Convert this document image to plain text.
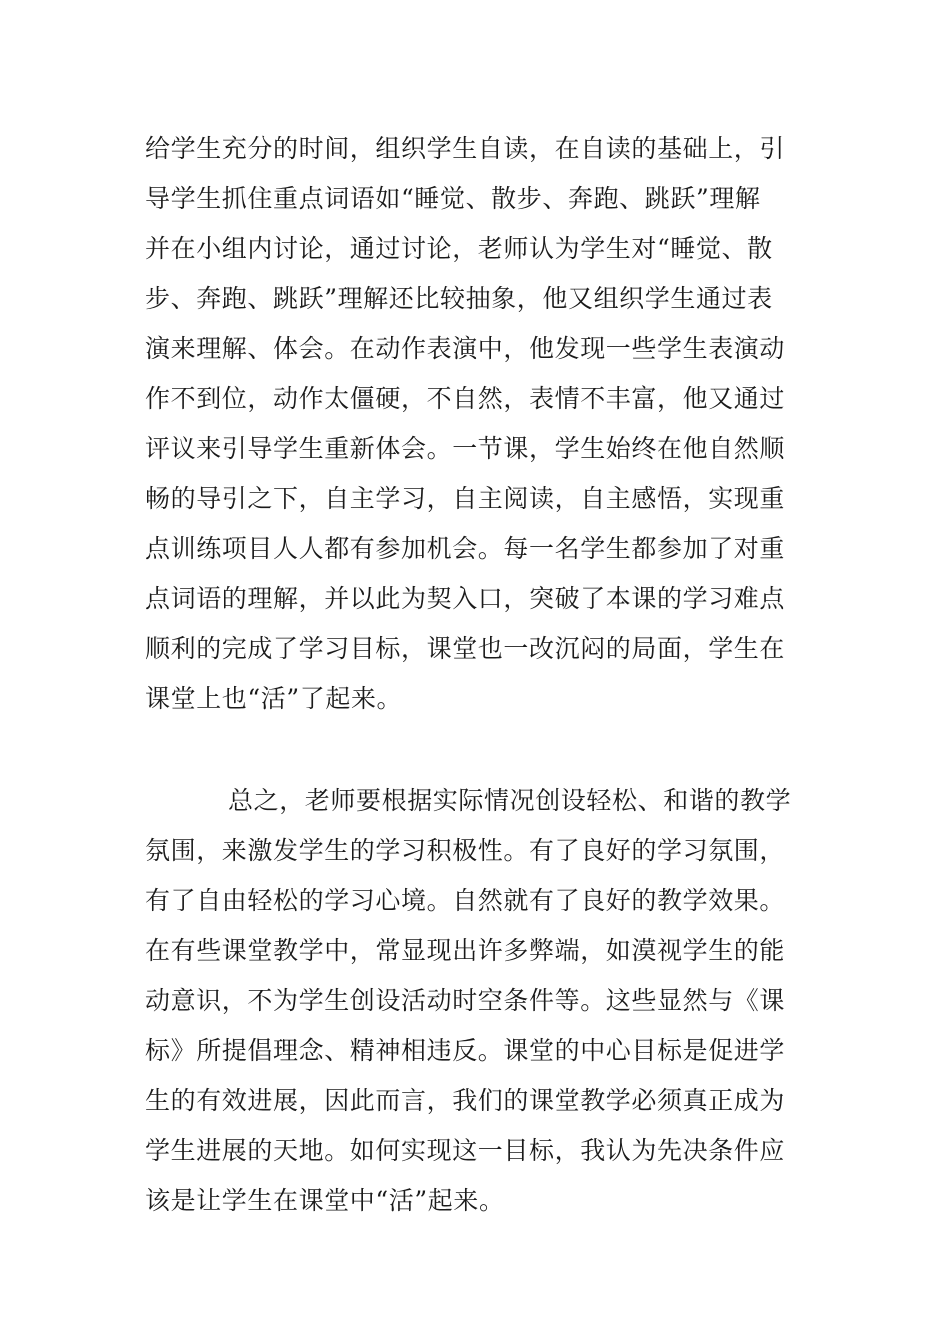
给学生充分的时间，组织学生自读，在自读的基础上，引
导学生抓住重点词语如“睡觉、散步、奔跑、跳跃”理解
并在小组内讨论，通过讨论，老师认为学生对“睡觉、散
步、奔跑、跳跃”理解还比较抽象，他又组织学生通过表
演来理解、体会。在动作表演中，他发现一些学生表演动
作不到位，动作太僵硬，不自然，表情不丰富，他又通过
评议来引导学生重新体会。一节课，学生始终在他自然顺
畅的导引之下，自主学习，自主阅读，自主感悟，实现重
点训练项目人人都有参加机会。每一名学生都参加了对重
点词语的理解，并以此为契入口，突破了本课的学习难点
顺利的完成了学习目标，课堂也一改沉闷的局面，学生在
课堂上也“活”了起来。
总之，老师要根据实际情况创设轻松、和谐的教学
氛围，来激发学生的学习积极性。有了良好的学习氛围，
有了自由轻松的学习心境。自然就有了良好的教学效果。
在有些课堂教学中，常显现出许多弊端，如漠视学生的能
动意识，不为学生创设活动时空条件等。这些显然与《课
标》所提倡理念、精神相违反。课堂的中心目标是促进学
生的有效进展，因此而言，我们的课堂教学必须真正成为
学生进展的天地。如何实现这一目标，我认为先决条件应
该是让学生在课堂中“活”起来。
